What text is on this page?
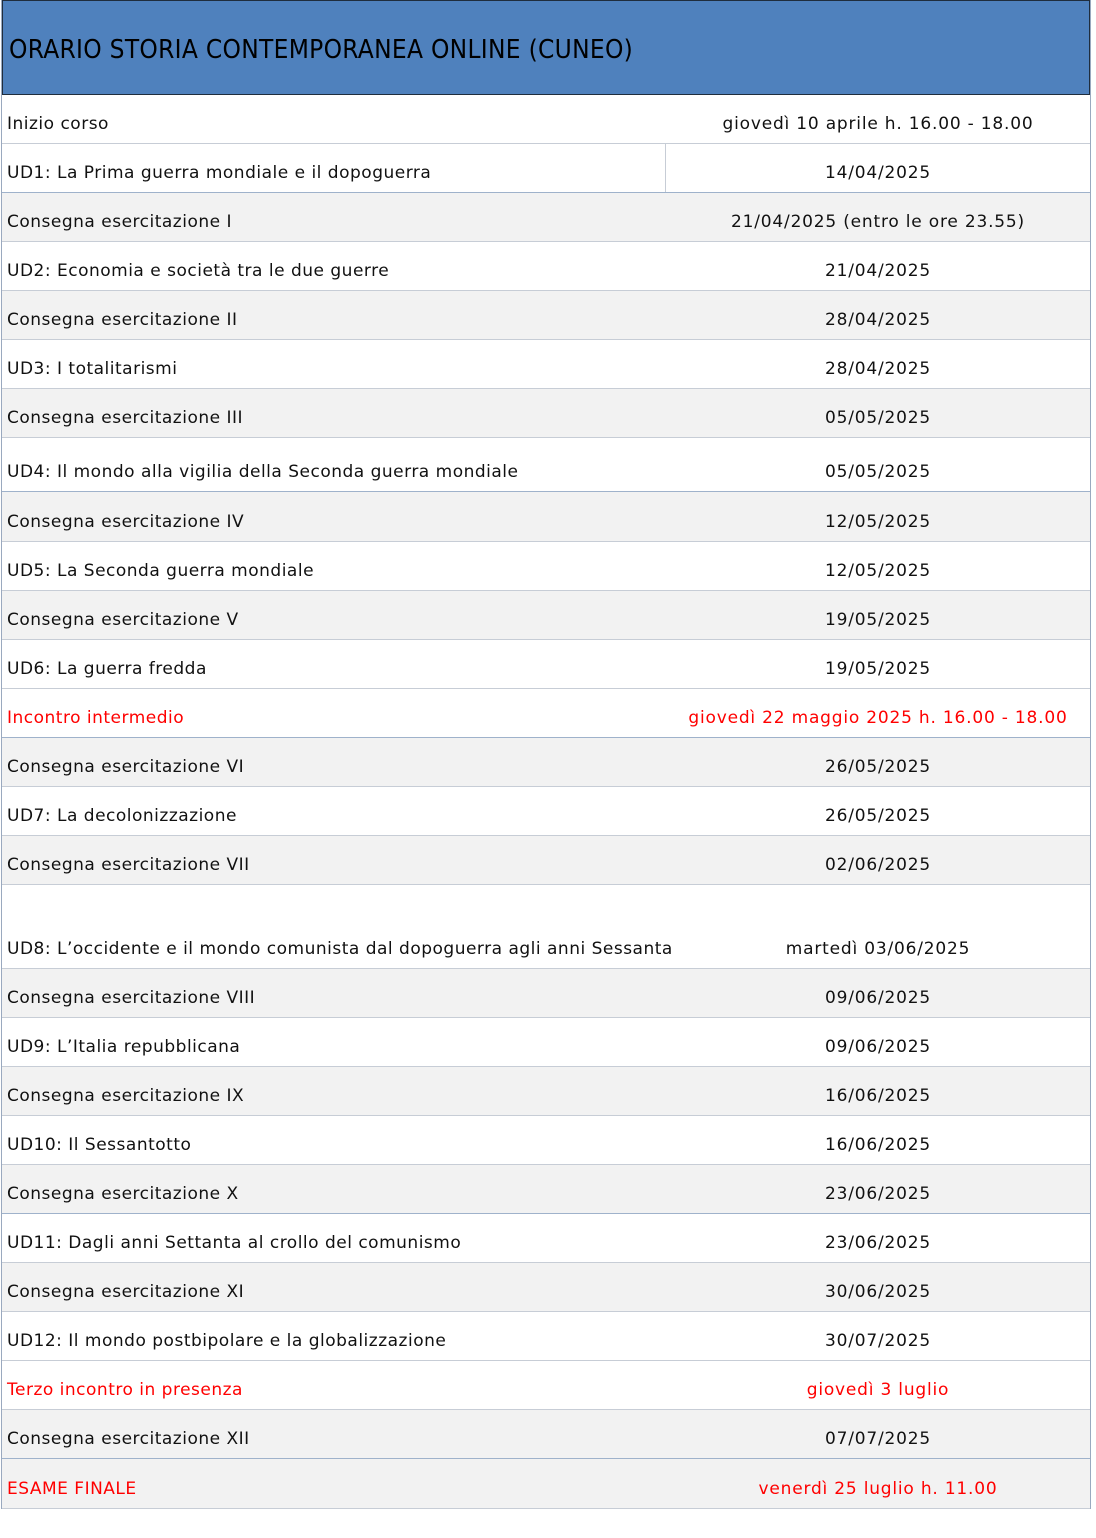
ORARIO STORIA CONTEMPORANEA ONLINE (CUNEO)
Inizio corso	giovedì 10 aprile h. 16.00 - 18.00
UD1: La Prima guerra mondiale e il dopoguerra	14/04/2025
Consegna esercitazione I	21/04/2025 (entro le ore 23.55)
UD2: Economia e società tra le due guerre	21/04/2025
Consegna esercitazione II	28/04/2025
UD3: I totalitarismi	28/04/2025
Consegna esercitazione III	05/05/2025
UD4: Il mondo alla vigilia della Seconda guerra mondiale	05/05/2025
Consegna esercitazione IV	12/05/2025
UD5: La Seconda guerra mondiale	12/05/2025
Consegna esercitazione V	19/05/2025
UD6: La guerra fredda	19/05/2025
Incontro intermedio	giovedì 22 maggio 2025 h. 16.00 - 18.00
Consegna esercitazione VI	26/05/2025
UD7: La decolonizzazione	26/05/2025
Consegna esercitazione VII	02/06/2025
UD8: L’occidente e il mondo comunista dal dopoguerra agli anni Sessanta	martedì 03/06/2025
Consegna esercitazione VIII	09/06/2025
UD9: L’Italia repubblicana	09/06/2025
Consegna esercitazione IX	16/06/2025
UD10: Il Sessantotto	16/06/2025
Consegna esercitazione X	23/06/2025
UD11: Dagli anni Settanta al crollo del comunismo	23/06/2025
Consegna esercitazione XI	30/06/2025
UD12: Il mondo postbipolare e la globalizzazione	30/07/2025
Terzo incontro in presenza	giovedì 3 luglio
Consegna esercitazione XII	07/07/2025
ESAME FINALE	venerdì 25 luglio h. 11.00
